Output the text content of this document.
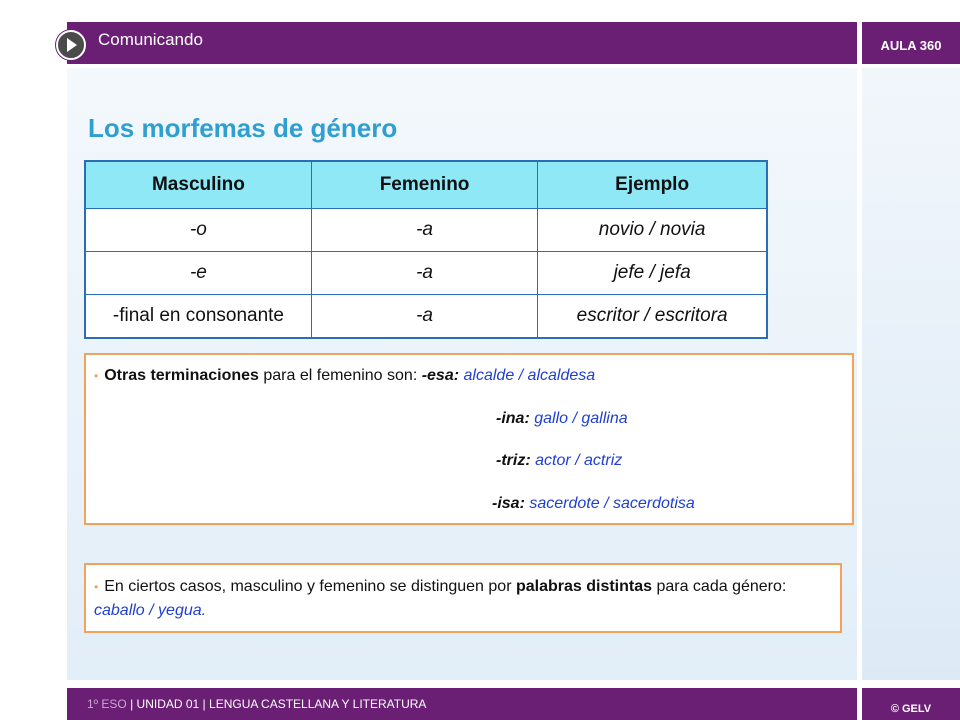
Comunicando	AULA 360
Los morfemas de género
Masculino	Femenino	Ejemplo
-o	-a	novio / novia
-e	-a	jefe / jefa
-final en consonante	-a	escritor / escritora
• Otras terminaciones para el femenino son: -esa: alcalde / alcaldesa
-ina: gallo / gallina
-triz: actor / actriz
-isa: sacerdote / sacerdotisa
• En ciertos casos, masculino y femenino se distinguen por palabras distintas para cada género: caballo / yegua.
1º ESO | UNIDAD 01 | LENGUA CASTELLANA Y LITERATURA	© GELV
